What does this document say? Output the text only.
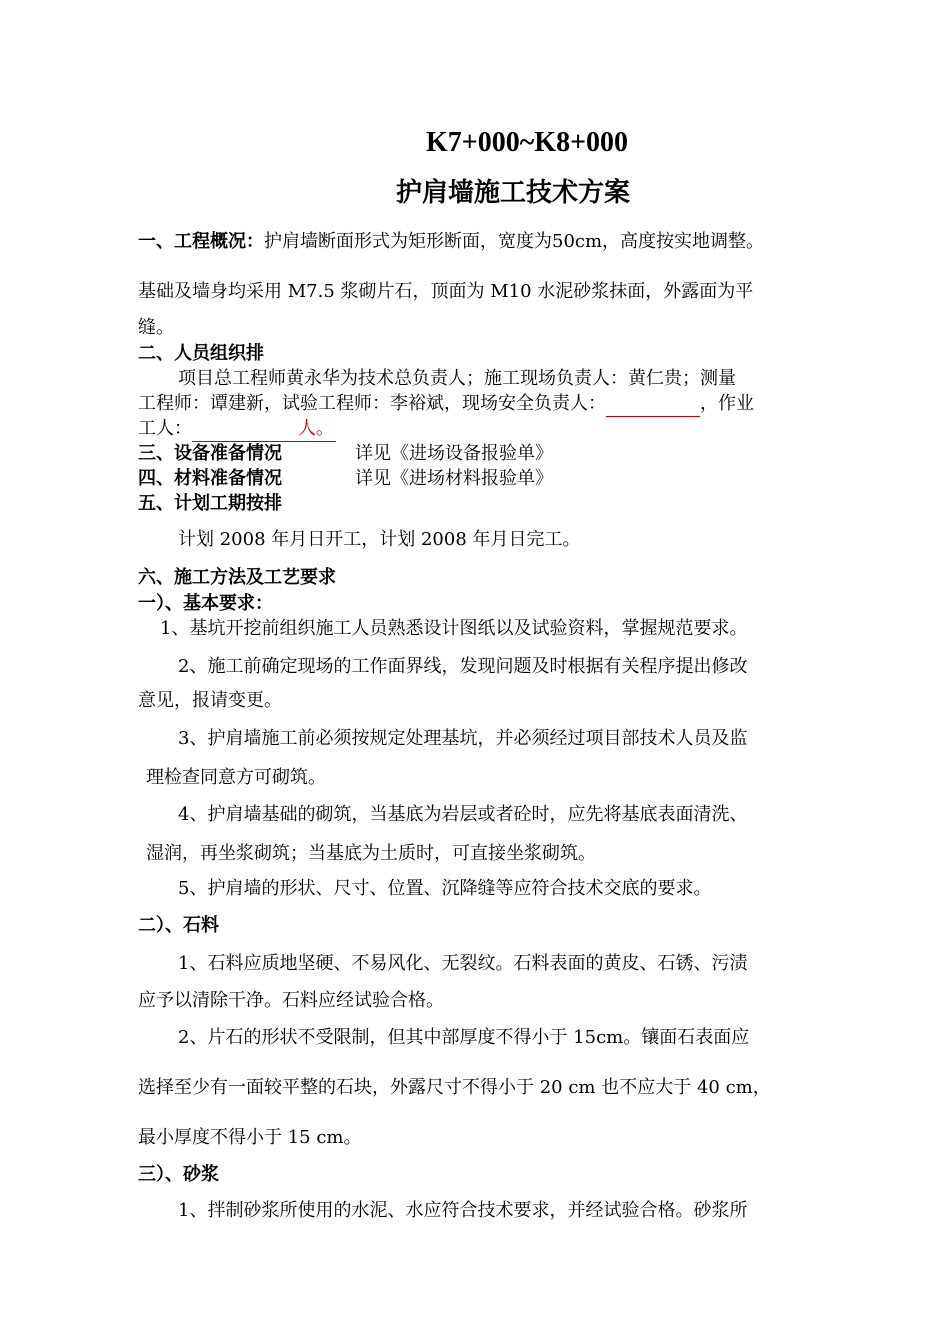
K7+000~K8+000
护肩墙施工技术方案
一、工程概况：护肩墙断面形式为矩形断面，宽度为50cm，高度按实地调整。
基础及墙身均采用 M7.5 浆砌片石，顶面为 M10 水泥砂浆抹面，外露面为平
缝。
二、人员组织排
项目总工程师黄永华为技术总负责人；施工现场负责人：黄仁贵；测量
工程师：谭建新，试验工程师：李裕斌，现场安全负责人：	，作业
工人：	人。
三、设备准备情况	详见《进场设备报验单》
四、材料准备情况	详见《进场材料报验单》
五、计划工期按排
计划 2008 年月日开工，计划 2008 年月日完工。
六、施工方法及工艺要求
一）、基本要求：
1、基坑开挖前组织施工人员熟悉设计图纸以及试验资料，掌握规范要求。
2、施工前确定现场的工作面界线，发现问题及时根据有关程序提出修改
意见，报请变更。
3、护肩墙施工前必须按规定处理基坑，并必须经过项目部技术人员及监
理检查同意方可砌筑。
4、护肩墙基础的砌筑，当基底为岩层或者砼时，应先将基底表面清洗、
湿润，再坐浆砌筑；当基底为土质时，可直接坐浆砌筑。
5、护肩墙的形状、尺寸、位置、沉降缝等应符合技术交底的要求。
二）、石料
1、石料应质地坚硬、不易风化、无裂纹。石料表面的黄皮、石锈、污渍
应予以清除干净。石料应经试验合格。
2、片石的形状不受限制，但其中部厚度不得小于 15cm。镶面石表面应
选择至少有一面较平整的石块，外露尺寸不得小于 20 cm 也不应大于 40 cm，
最小厚度不得小于 15 cm。
三）、砂浆
1、拌制砂浆所使用的水泥、水应符合技术要求，并经试验合格。砂浆所
